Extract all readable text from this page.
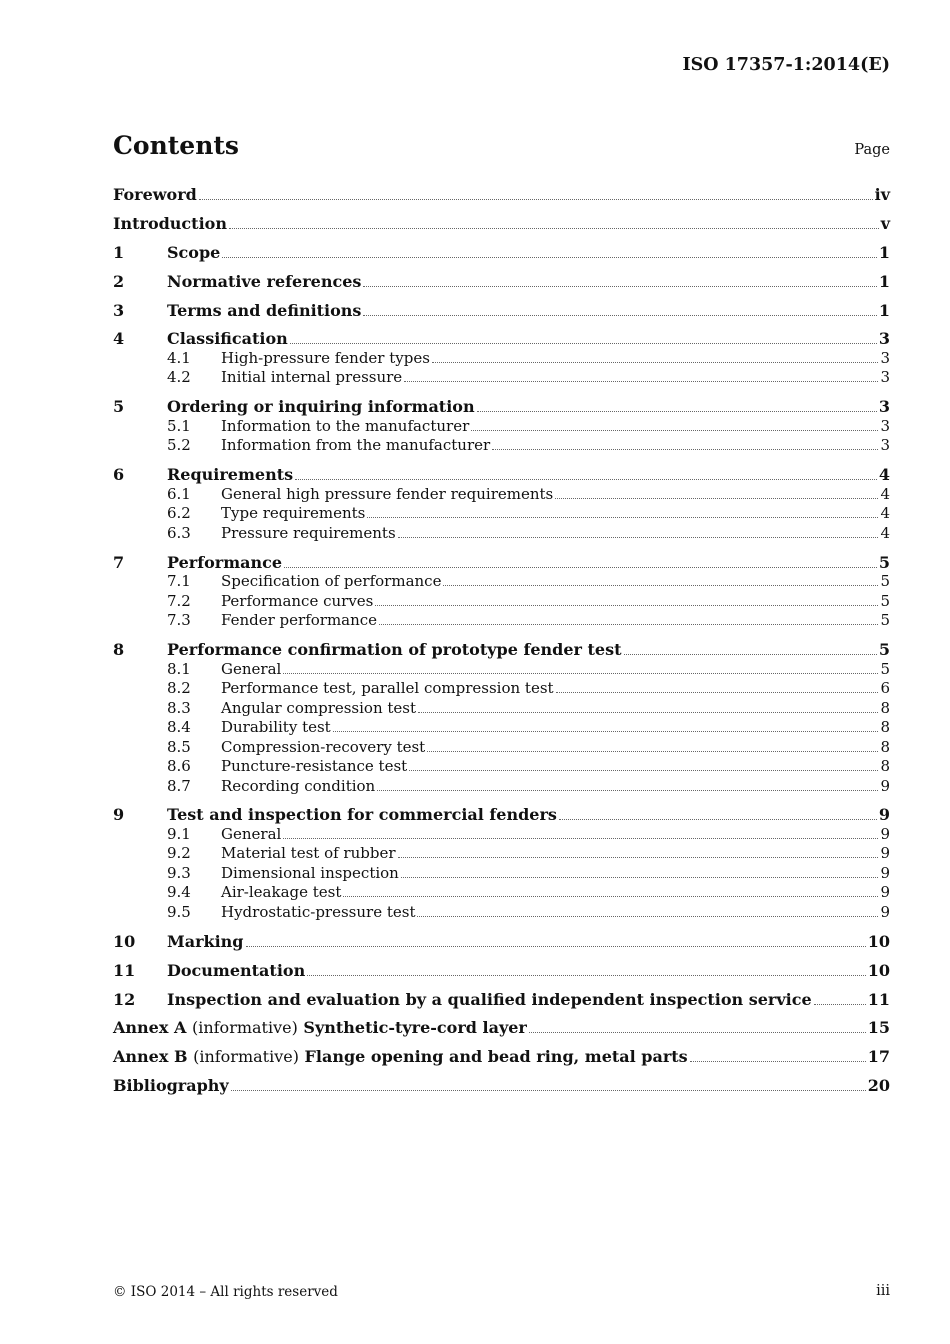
ISO 17357-1:2014(E)
Contents	Page
Foreword	iv
Introduction	v
1	Scope	1
2	Normative references	1
3	Terms and definitions	1
4	Classification	3
4.1	High-pressure fender types	3
4.2	Initial internal pressure	3
5	Ordering or inquiring information	3
5.1	Information to the manufacturer	3
5.2	Information from the manufacturer	3
6	Requirements	4
6.1	General high pressure fender requirements	4
6.2	Type requirements	4
6.3	Pressure requirements	4
7	Performance	5
7.1	Specification of performance	5
7.2	Performance curves	5
7.3	Fender performance	5
8	Performance confirmation of prototype fender test	5
8.1	General	5
8.2	Performance test, parallel compression test	6
8.3	Angular compression test	8
8.4	Durability test	8
8.5	Compression-recovery test	8
8.6	Puncture-resistance test	8
8.7	Recording condition	9
9	Test and inspection for commercial fenders	9
9.1	General	9
9.2	Material test of rubber	9
9.3	Dimensional inspection	9
9.4	Air-leakage test	9
9.5	Hydrostatic-pressure test	9
10	Marking	10
11	Documentation	10
12	Inspection and evaluation by a qualified independent inspection service	11
Annex A (informative) Synthetic-tyre-cord layer	15
Annex B (informative) Flange opening and bead ring, metal parts	17
Bibliography	20
© ISO 2014 – All rights reserved	iii
